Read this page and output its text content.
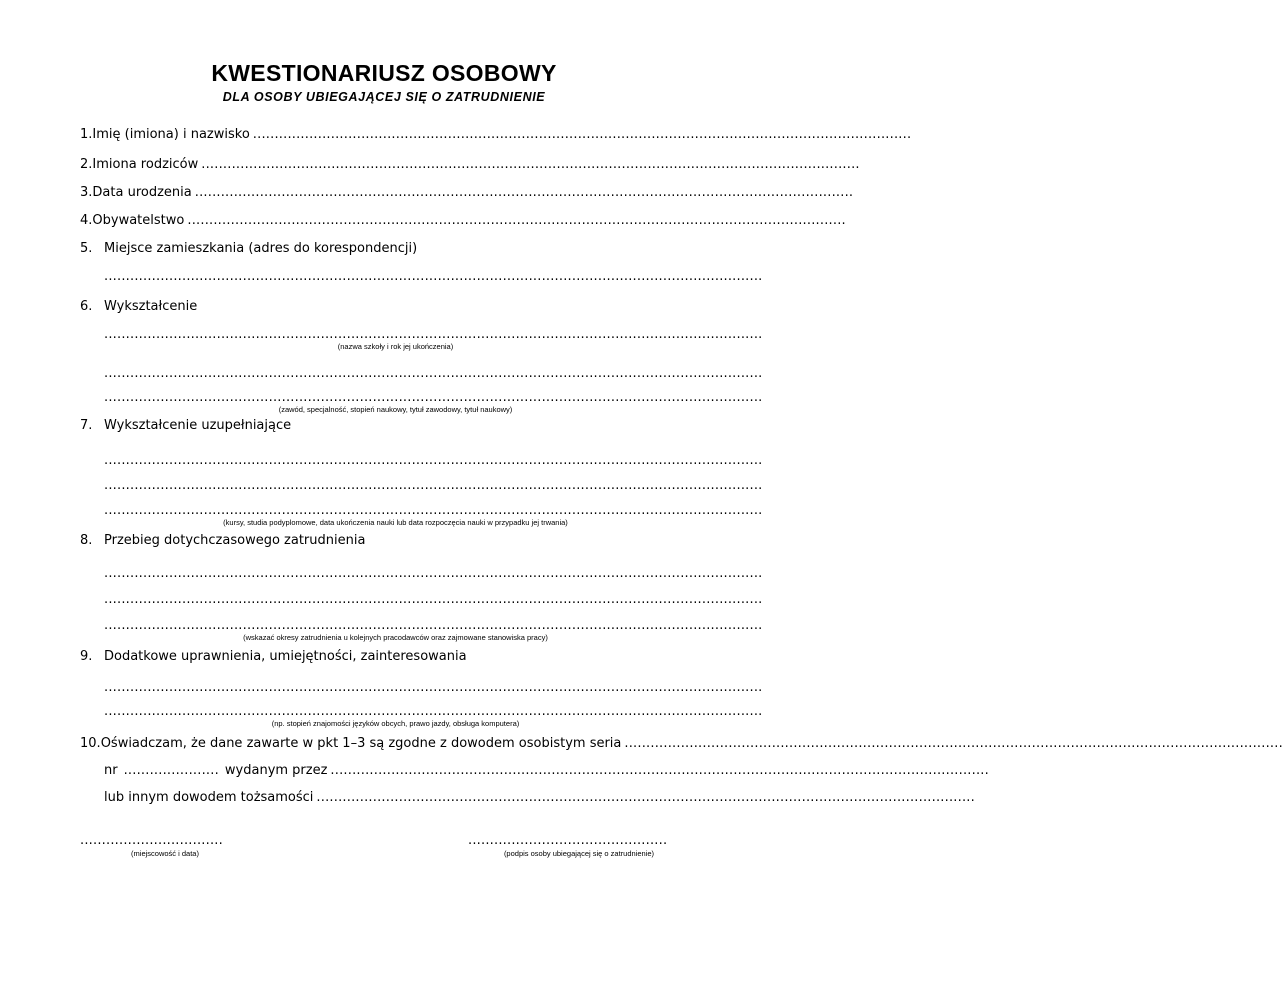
KWESTIONARIUSZ OSOBOWY
DLA OSOBY UBIEGAJĄCEJ SIĘ O ZATRUDNIENIE
1. Imię (imiona) i nazwisko ........................................................................................................................................................
2. Imiona rodziców ........................................................................................................................................................
3. Data urodzenia ........................................................................................................................................................
4. Obywatelstwo ........................................................................................................................................................
5. Miejsce zamieszkania (adres do korespondencji)
........................................................................................................................................................
6. Wykształcenie
........................................................................................................................................................
(nazwa szkoły i rok jej ukończenia)
........................................................................................................................................................
........................................................................................................................................................
(zawód, specjalność, stopień naukowy, tytuł zawodowy, tytuł naukowy)
7. Wykształcenie uzupełniające
........................................................................................................................................................
........................................................................................................................................................
........................................................................................................................................................
(kursy, studia podyplomowe, data ukończenia nauki lub data rozpoczęcia nauki w przypadku jej trwania)
8. Przebieg dotychczasowego zatrudnienia
........................................................................................................................................................
........................................................................................................................................................
........................................................................................................................................................
(wskazać okresy zatrudnienia u kolejnych pracodawców oraz zajmowane stanowiska pracy)
9. Dodatkowe uprawnienia, umiejętności, zainteresowania
........................................................................................................................................................
........................................................................................................................................................
(np. stopień znajomości języków obcych, prawo jazdy, obsługa komputera)
10. Oświadczam, że dane zawarte w pkt 1–3 są zgodne z dowodem osobistym seria ........................................................................................................................................................
nr ...................... wydanym przez ........................................................................................................................................................
lub innym dowodem tożsamości ........................................................................................................................................................
.................................
(miejscowość i data)
..............................................
(podpis osoby ubiegającej się o zatrudnienie)
